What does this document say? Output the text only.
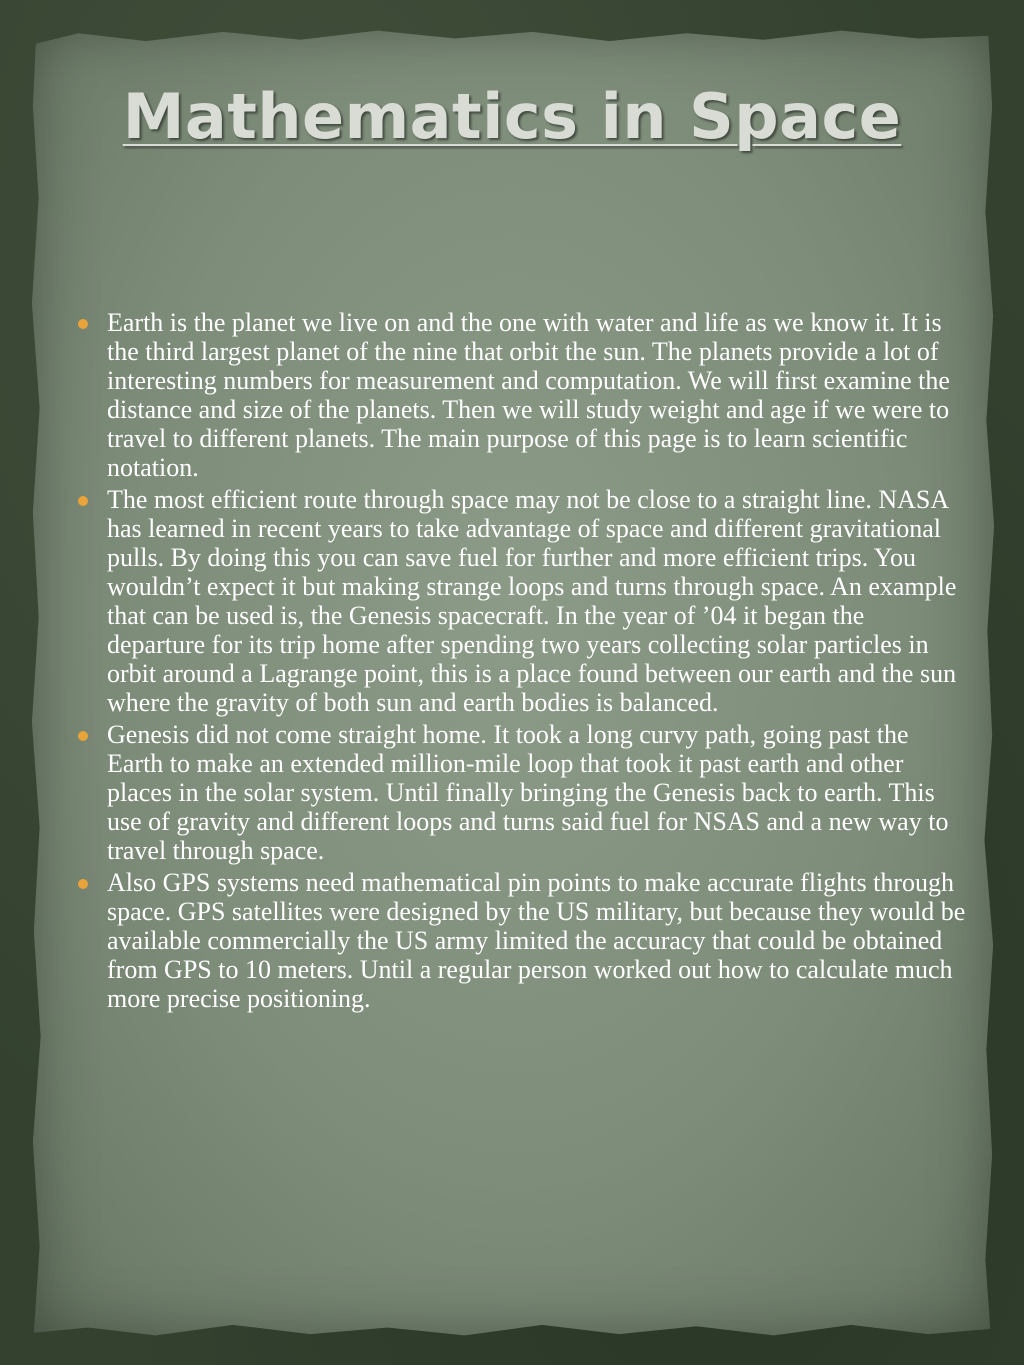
Mathematics in Space
Earth is the planet we live on and the one with water and life as we know it. It is the third largest planet of the nine that orbit the sun. The planets provide a lot of interesting numbers for measurement and computation. We will first examine the distance and size of the planets. Then we will study weight and age if we were to travel to different planets. The main purpose of this page is to learn scientific notation.
The most efficient route through space may not be close to a straight line. NASA has learned in recent years to take advantage of space and different gravitational pulls. By doing this you can save fuel for further and more efficient trips. You wouldn’t expect it but making strange loops and turns through space. An example that can be used is, the Genesis spacecraft. In the year of ’04 it began the departure for its trip home after spending two years collecting solar particles in orbit around a Lagrange point, this is a place found between our earth and the sun where the gravity of both sun and earth bodies is balanced.
Genesis did not come straight home. It took a long curvy path, going past the Earth to make an extended million-mile loop that took it past earth and other places in the solar system. Until finally bringing the Genesis back to earth. This use of gravity and different loops and turns said fuel for NSAS and a new way to travel through space.
Also GPS systems need mathematical pin points to make accurate flights through space. GPS satellites were designed by the US military, but because they would be available commercially the US army limited the accuracy that could be obtained from GPS to 10 meters. Until a regular person worked out how to calculate much more precise positioning.
